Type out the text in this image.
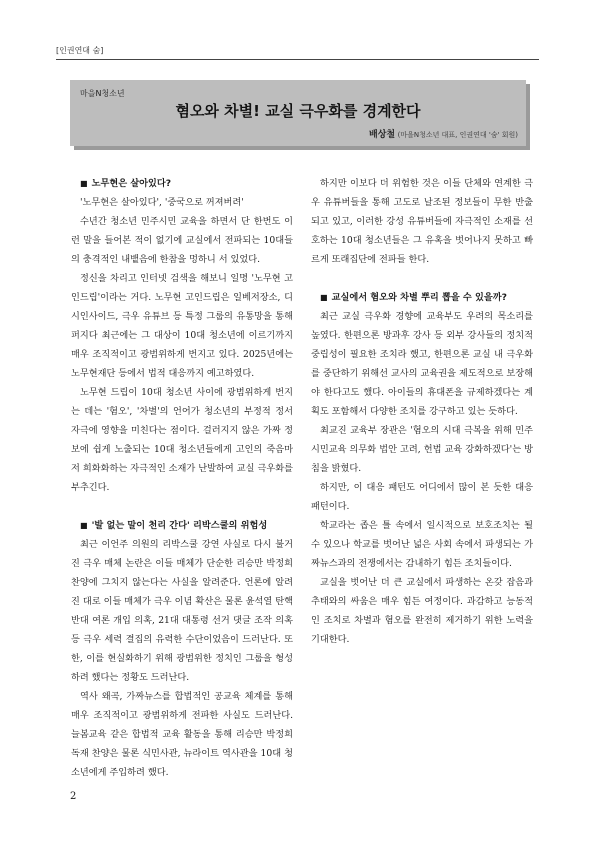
[인권연대 숨]
마을N청소년
혐오와 차별! 교실 극우화를 경계한다
배상철 (마을N청소년 대표, 인권연대 '숨' 회원)
■ 노무현은 살아있다?

'노무현은 살아있다', '중국으로 꺼져버려'

수년간 청소년 민주시민 교육을 하면서 단 한번도 이런 말을 들어본 적이 없기에 교실에서 전파되는 10대들의 충격적인 내뱉음에 한참을 멍하니 서 있었다.

정신을 차리고 인터넷 검색을 해보니 일명 '노무현 고인드립'이라는 거다. 노무현 고인드립은 일베저장소, 디시인사이드, 극우 유튜브 등 특정 그룹의 유통망을 통해 퍼지다 최근에는 그 대상이 10대 청소년에 이르기까지 매우 조직적이고 광범위하게 번지고 있다. 2025년에는 노무현재단 등에서 법적 대응까지 예고하였다.

노무현 드립이 10대 청소년 사이에 광범위하게 번지는 데는 '혐오', '차별'의 언어가 청소년의 부정적 정서 자극에 영향을 미친다는 점이다. 걸러지지 않은 가짜 정보에 쉽게 노출되는 10대 청소년들에게 고인의 죽음마저 희화화하는 자극적인 소재가 난발하여 교실 극우화를 부추긴다.

■ '발 없는 말이 천리 간다' 리박스쿨의 위험성

최근 이언주 의원의 리박스쿨 강연 사실로 다시 불거진 극우 매체 논란은 이들 매체가 단순한 리승만 박정희 찬양에 그치지 않는다는 사실을 알려준다. 언론에 알려진 대로 이들 매체가 극우 이념 확산은 물론 윤석열 탄핵 반대 여론 개입 의혹, 21대 대통령 선거 댓글 조작 의혹 등 극우 세력 결집의 유력한 수단이었음이 드러난다. 또한, 이를 현실화하기 위해 광범위한 정치인 그룹을 형성하려 했다는 정황도 드러난다.

역사 왜곡, 가짜뉴스를 합법적인 공교육 체계를 통해 매우 조직적이고 광범위하게 전파한 사실도 드러난다. 늘봄교육 같은 합법적 교육 활동을 통해 리승만 박정희 독재 찬양은 물론 식민사관, 뉴라이트 역사관을 10대 청소년에게 주입하려 했다.

하지만 이보다 더 위험한 것은 이들 단체와 연계한 극우 유튜버들을 통해 고도로 날조된 정보들이 무한 반출되고 있고, 이러한 강성 유튜버들에 자극적인 소재를 선호하는 10대 청소년들은 그 유혹을 벗어나지 못하고 빠르게 또래집단에 전파들 한다.

■ 교실에서 혐오와 차별 뿌리 뽑을 수 있을까?

최근 교실 극우화 경향에 교육부도 우려의 목소리를 높였다. 한편으론 방과후 강사 등 외부 강사들의 정치적 중립성이 필요한 조치라 했고, 한편으론 교실 내 극우화를 중단하기 위해선 교사의 교육권을 제도적으로 보장해야 한다고도 했다. 아이들의 휴대폰을 규제하겠다는 계획도 포함해서 다양한 조치를 강구하고 있는 듯하다.

최교진 교육부 장관은 '혐오의 시대 극복을 위해 민주시민교육 의무화 법안 고려, 헌법 교육 강화하겠다'는 방침을 밝혔다.

하지만, 이 대응 패턴도 어디에서 많이 본 듯한 대응 패턴이다.

학교라는 좁은 틀 속에서 일시적으로 보호조치는 될 수 있으나 학교를 벗어난 넓은 사회 속에서 파생되는 가짜뉴스과의 전쟁에서는 감내하기 힘든 조치들이다.

교실을 벗어난 더 큰 교실에서 파생하는 온갖 잡음과 추태와의 싸움은 매우 힘든 여정이다. 과감하고 능동적인 조치로 차별과 혐오를 완전히 제거하기 위한 노력을 기대한다.

2
